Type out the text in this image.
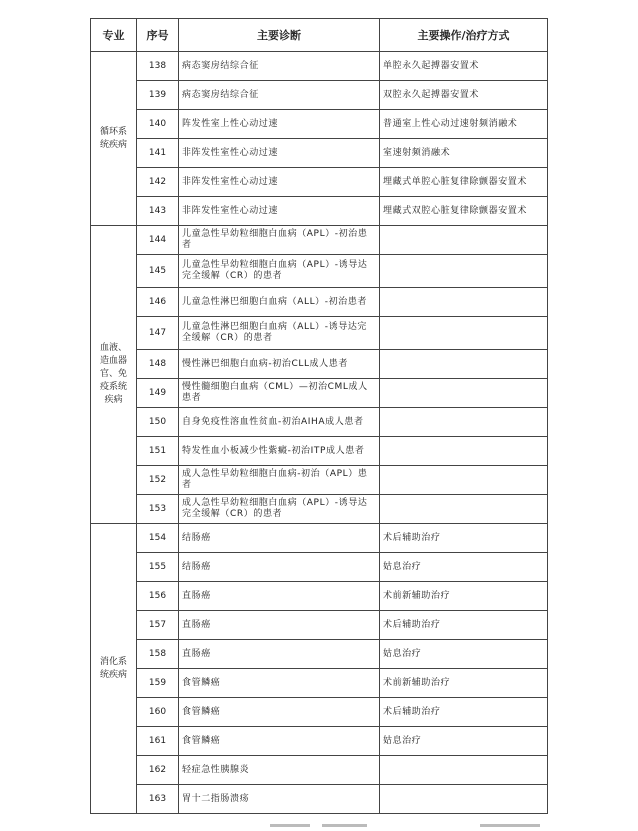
专业	序号	主要诊断	主要操作/治疗方式
循环系统疾病	138	病态窦房结综合征	单腔永久起搏器安置术
	139	病态窦房结综合征	双腔永久起搏器安置术
	140	阵发性室上性心动过速	普通室上性心动过速射频消融术
	141	非阵发性室性心动过速	室速射频消融术
	142	非阵发性室性心动过速	埋藏式单腔心脏复律除颤器安置术
	143	非阵发性室性心动过速	埋藏式双腔心脏复律除颤器安置术
血液、造血器官、免疫系统疾病	144	儿童急性早幼粒细胞白血病（APL）-初治患者	
	145	儿童急性早幼粒细胞白血病（APL）-诱导达完全缓解（CR）的患者	
	146	儿童急性淋巴细胞白血病（ALL）-初治患者	
	147	儿童急性淋巴细胞白血病（ALL）-诱导达完全缓解（CR）的患者	
	148	慢性淋巴细胞白血病-初治CLL成人患者	
	149	慢性髓细胞白血病（CML）—初治CML成人患者	
	150	自身免疫性溶血性贫血-初治AIHA成人患者	
	151	特发性血小板减少性紫癜-初治ITP成人患者	
	152	成人急性早幼粒细胞白血病-初治（APL）患者	
	153	成人急性早幼粒细胞白血病（APL）-诱导达完全缓解（CR）的患者	
消化系统疾病	154	结肠癌	术后辅助治疗
	155	结肠癌	姑息治疗
	156	直肠癌	术前新辅助治疗
	157	直肠癌	术后辅助治疗
	158	直肠癌	姑息治疗
	159	食管鳞癌	术前新辅助治疗
	160	食管鳞癌	术后辅助治疗
	161	食管鳞癌	姑息治疗
	162	轻症急性胰腺炎	
	163	胃十二指肠溃疡	
